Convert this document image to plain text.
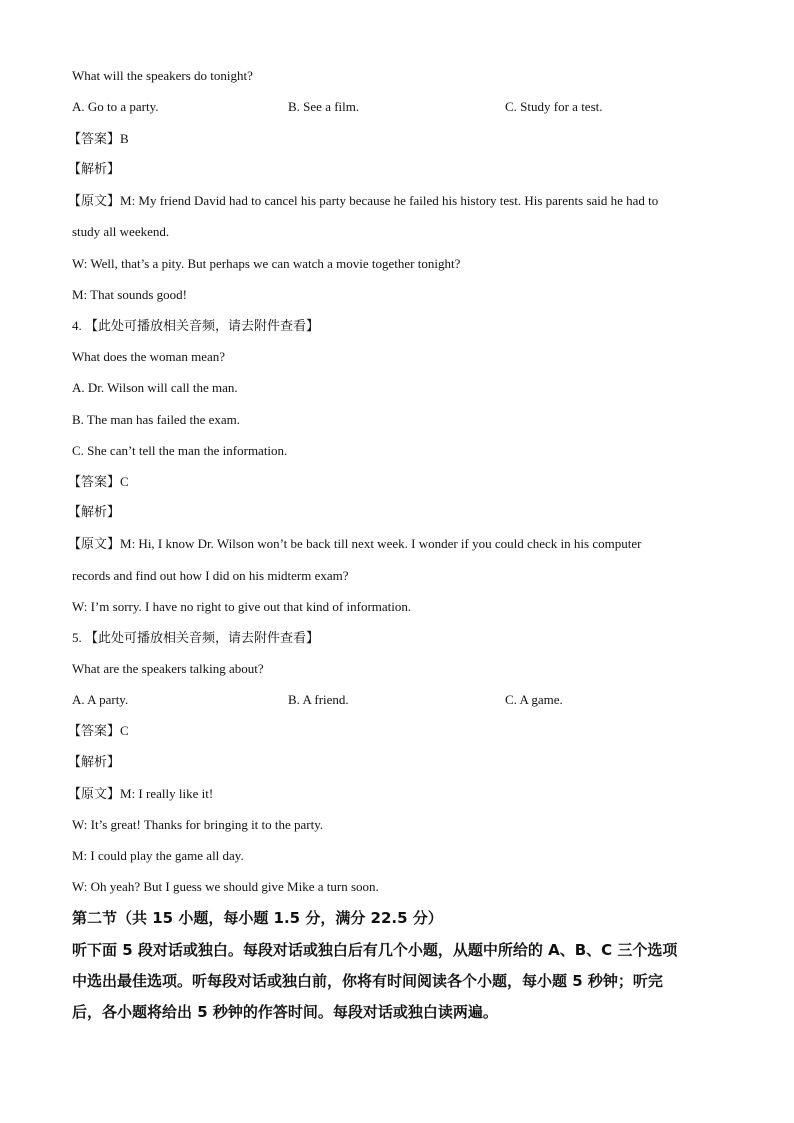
What will the speakers do tonight?
A. Go to a party.	B. See a film.	C. Study for a test.
【答案】B
【解析】
【原文】M: My friend David had to cancel his party because he failed his history test. His parents said he had to
study all weekend.
W: Well, that’s a pity. But perhaps we can watch a movie together tonight?
M: That sounds good!
4. 【此处可播放相关音频，请去附件查看】
What does the woman mean?
A. Dr. Wilson will call the man.
B. The man has failed the exam.
C. She can’t tell the man the information.
【答案】C
【解析】
【原文】M: Hi, I know Dr. Wilson won’t be back till next week. I wonder if you could check in his computer
records and find out how I did on his midterm exam?
W: I’m sorry. I have no right to give out that kind of information.
5. 【此处可播放相关音频，请去附件查看】
What are the speakers talking about?
A. A party.	B. A friend.	C. A game.
【答案】C
【解析】
【原文】M: I really like it!
W: It’s great! Thanks for bringing it to the party.
M: I could play the game all day.
W: Oh yeah? But I guess we should give Mike a turn soon.
第二节（共 15 小题，每小题 1.5 分，满分 22.5 分）
听下面 5 段对话或独白。每段对话或独白后有几个小题，从题中所给的 A、B、C 三个选项
中选出最佳选项。听每段对话或独白前，你将有时间阅读各个小题，每小题 5 秒钟；听完
后，各小题将给出 5 秒钟的作答时间。每段对话或独白读两遍。
